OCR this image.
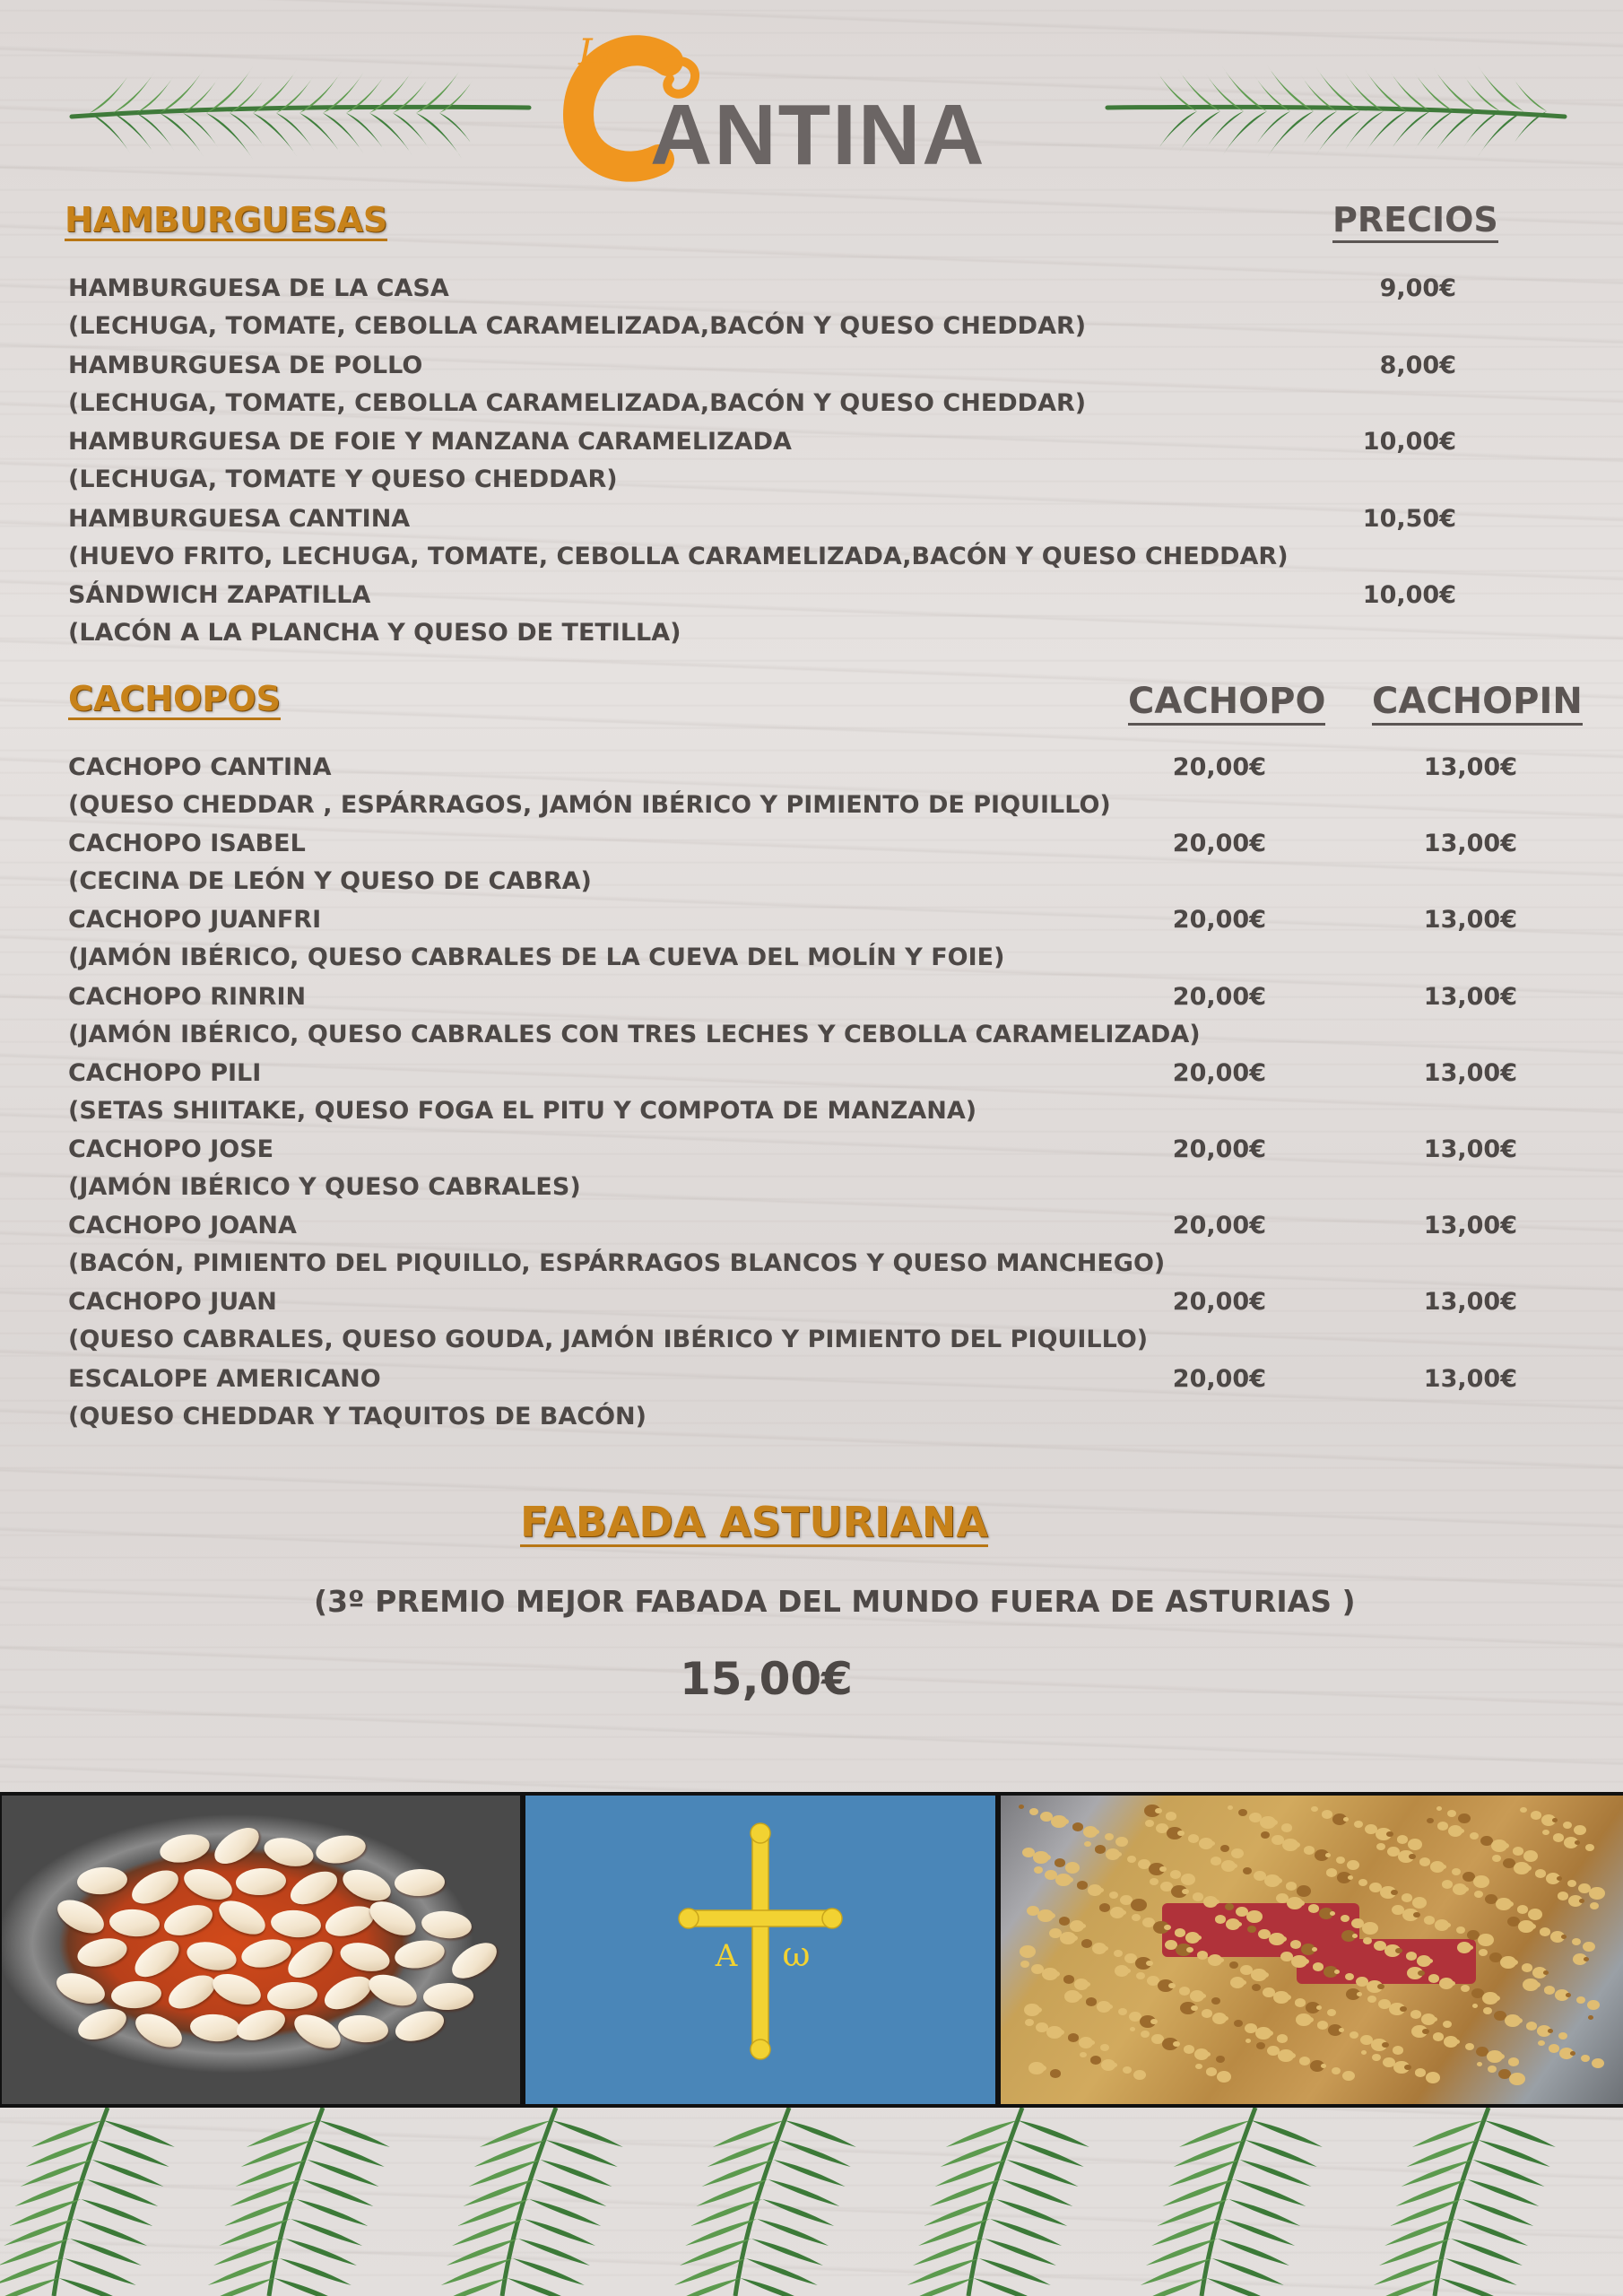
La
ANTINA
HAMBURGUESAS	PRECIOS
HAMBURGUESA DE LA CASA
(LECHUGA, TOMATE, CEBOLLA CARAMELIZADA,BACÓN Y QUESO CHEDDAR)
9,00€
HAMBURGUESA DE POLLO
(LECHUGA, TOMATE, CEBOLLA CARAMELIZADA,BACÓN Y QUESO CHEDDAR)
8,00€
HAMBURGUESA DE FOIE Y MANZANA CARAMELIZADA
(LECHUGA, TOMATE Y QUESO CHEDDAR)
10,00€
HAMBURGUESA CANTINA
(HUEVO FRITO, LECHUGA, TOMATE, CEBOLLA CARAMELIZADA,BACÓN Y QUESO CHEDDAR)
10,50€
SÁNDWICH ZAPATILLA
(LACÓN A LA PLANCHA Y QUESO DE TETILLA)
10,00€
CACHOPOS	CACHOPO CACHOPIN
CACHOPO CANTINA
(QUESO CHEDDAR , ESPÁRRAGOS, JAMÓN IBÉRICO Y PIMIENTO DE PIQUILLO)
20,00€	13,00€
CACHOPO ISABEL
(CECINA DE LEÓN Y QUESO DE CABRA)
20,00€	13,00€
CACHOPO JUANFRI
(JAMÓN IBÉRICO, QUESO CABRALES DE LA CUEVA DEL MOLÍN Y FOIE)
20,00€	13,00€
CACHOPO RINRIN
(JAMÓN IBÉRICO, QUESO CABRALES CON TRES LECHES Y CEBOLLA CARAMELIZADA)
20,00€	13,00€
CACHOPO PILI
(SETAS SHIITAKE, QUESO FOGA EL PITU Y COMPOTA DE MANZANA)
20,00€	13,00€
CACHOPO JOSE
(JAMÓN IBÉRICO Y QUESO CABRALES)
20,00€	13,00€
CACHOPO JOANA
(BACÓN, PIMIENTO DEL PIQUILLO, ESPÁRRAGOS BLANCOS Y QUESO MANCHEGO)
20,00€	13,00€
CACHOPO JUAN
(QUESO CABRALES, QUESO GOUDA, JAMÓN IBÉRICO Y PIMIENTO DEL PIQUILLO)
20,00€	13,00€
ESCALOPE AMERICANO
(QUESO CHEDDAR Y TAQUITOS DE BACÓN)
20,00€	13,00€
FABADA ASTURIANA
(3º PREMIO MEJOR FABADA DEL MUNDO FUERA DE ASTURIAS )
15,00€
A ω
